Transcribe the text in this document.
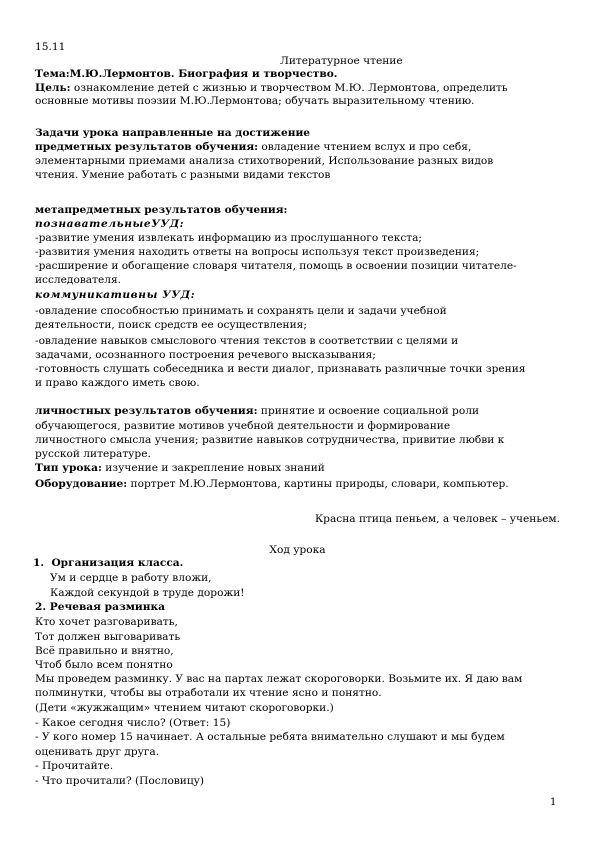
15.11
Литературное чтение
Тема:М.Ю.Лермонтов. Биография и творчество.
Цель: ознакомление детей с жизнью и творчеством М.Ю. Лермонтова, определить
основные мотивы поэзии М.Ю.Лермонтова; обучать выразительному чтению.
Задачи урока направленные на достижение
предметных результатов обучения: овладение чтением вслух и про себя,
элементарными приемами анализа стихотворений, Использование разных видов
чтения. Умение работать с разными видами текстов
метапредметных результатов обучения:
познавательныеУУД:
-развитие умения извлекать информацию из прослушанного текста;
-развития умения находить ответы на вопросы используя текст произведения;
-расширение и обогащение словаря читателя, помощь в освоении позиции читателе-
исследователя.
коммуникативны УУД:
-овладение способностью принимать и сохранять цели и задачи учебной
деятельности, поиск средств ее осуществления;
-овладение навыков смыслового чтения текстов в соответствии с целями и
задачами, осознанного построения речевого высказывания;
-готовность слушать собеседника и вести диалог, признавать различные точки зрения
и право каждого иметь свою.
личностных результатов обучения: принятие и освоение социальной роли
обучающегося, развитие мотивов учебной деятельности и формирование
личностного смысла учения; развитие навыков сотрудничества, привитие любви к
русской литературе.
Тип урока: изучение и закрепление новых знаний
Оборудование: портрет М.Ю.Лермонтова, картины природы, словари, компьютер.
Красна птица пеньем, а человек – ученьем.
Ход урока
1. Организация класса.
Ум и сердце в работу вложи,
Каждой секундой в труде дорожи!
2. Речевая разминка
Кто хочет разговаривать,
Тот должен выговаривать
Всё правильно и внятно,
Чтоб было всем понятно
Мы проведем разминку. У вас на партах лежат скороговорки. Возьмите их. Я даю вам
полминутки, чтобы вы отработали их чтение ясно и понятно.
(Дети «жужжащим» чтением читают скороговорки.)
- Какое сегодня число? (Ответ: 15)
- У кого номер 15 начинает. А остальные ребята внимательно слушают и мы будем
оценивать друг друга.
- Прочитайте.
- Что прочитали? (Пословицу)
1
